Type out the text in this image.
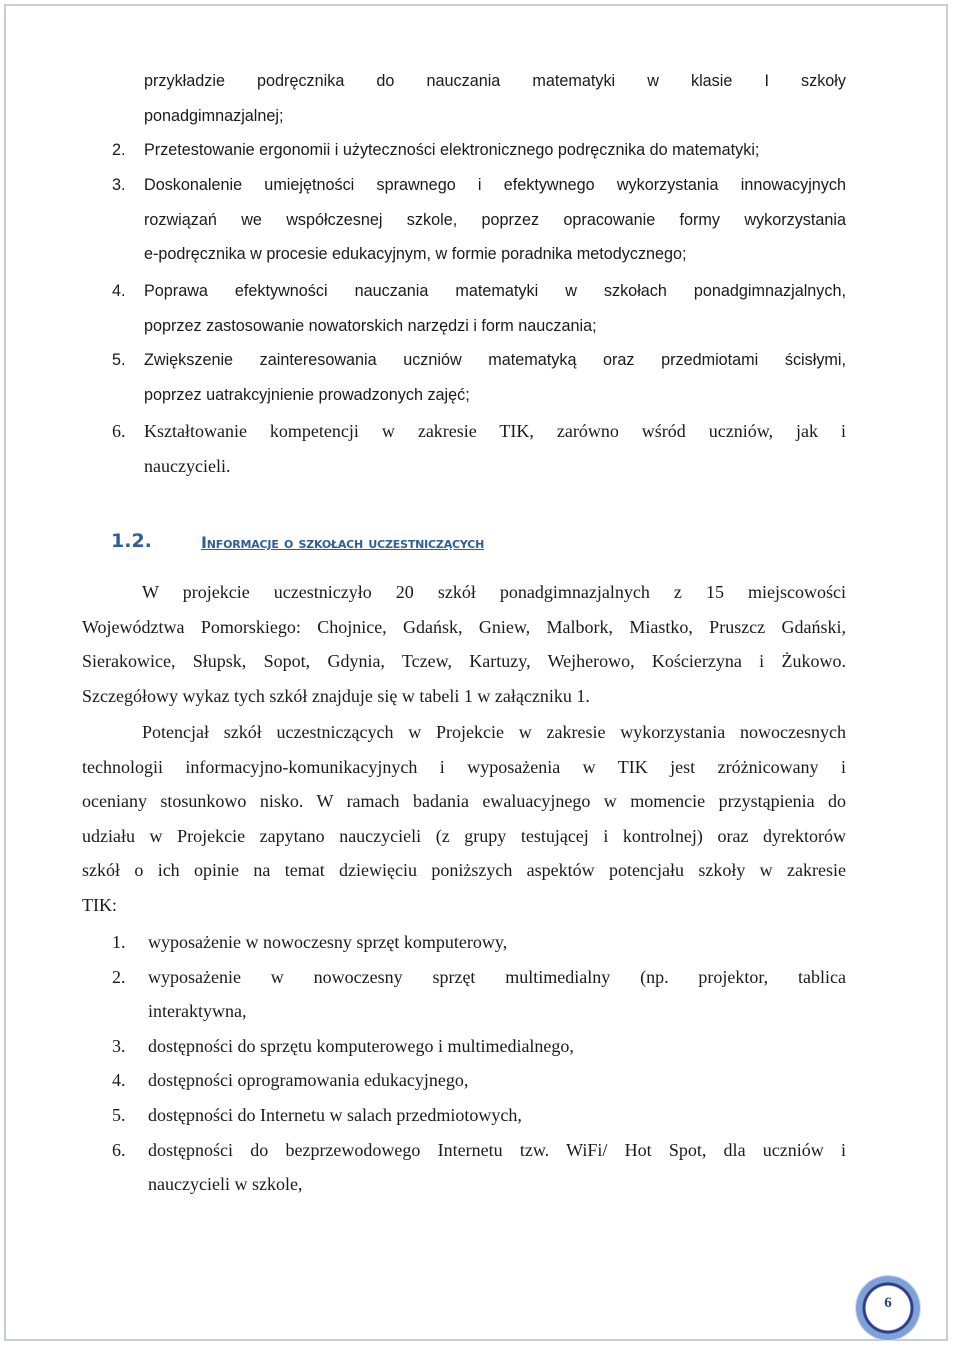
przykładzie podręcznika do nauczania matematyki w klasie I szkoły
ponadgimnazjalnej;
2. Przetestowanie ergonomii i użyteczności elektronicznego podręcznika do matematyki;
3. Doskonalenie umiejętności sprawnego i efektywnego wykorzystania innowacyjnych
rozwiązań we współczesnej szkole, poprzez opracowanie formy wykorzystania
e-podręcznika w procesie edukacyjnym, w formie poradnika metodycznego;
4. Poprawa efektywności nauczania matematyki w szkołach ponadgimnazjalnych,
poprzez zastosowanie nowatorskich narzędzi i form nauczania;
5. Zwiększenie zainteresowania uczniów matematyką oraz przedmiotami ścisłymi,
poprzez uatrakcyjnienie prowadzonych zajęć;
6. Kształtowanie kompetencji w zakresie TIK, zarówno wśród uczniów, jak i
nauczycieli.
1.2.	Informacje o szkołach uczestniczących
W projekcie uczestniczyło 20 szkół ponadgimnazjalnych z 15 miejscowości
Województwa Pomorskiego: Chojnice, Gdańsk, Gniew, Malbork, Miastko, Pruszcz Gdański,
Sierakowice, Słupsk, Sopot, Gdynia, Tczew, Kartuzy, Wejherowo, Kościerzyna i Żukowo.
Szczegółowy wykaz tych szkół znajduje się w tabeli 1 w załączniku 1.
Potencjał szkół uczestniczących w Projekcie w zakresie wykorzystania nowoczesnych
technologii informacyjno-komunikacyjnych i wyposażenia w TIK jest zróżnicowany i
oceniany stosunkowo nisko. W ramach badania ewaluacyjnego w momencie przystąpienia do
udziału w Projekcie zapytano nauczycieli (z grupy testującej i kontrolnej) oraz dyrektorów
szkół o ich opinie na temat dziewięciu poniższych aspektów potencjału szkoły w zakresie
TIK:
1. wyposażenie w nowoczesny sprzęt komputerowy,
2. wyposażenie w nowoczesny sprzęt multimedialny (np. projektor, tablica
interaktywna,
3. dostępności do sprzętu komputerowego i multimedialnego,
4. dostępności oprogramowania edukacyjnego,
5. dostępności do Internetu w salach przedmiotowych,
6. dostępności do bezprzewodowego Internetu tzw. WiFi/ Hot Spot, dla uczniów i
nauczycieli w szkole,
6
